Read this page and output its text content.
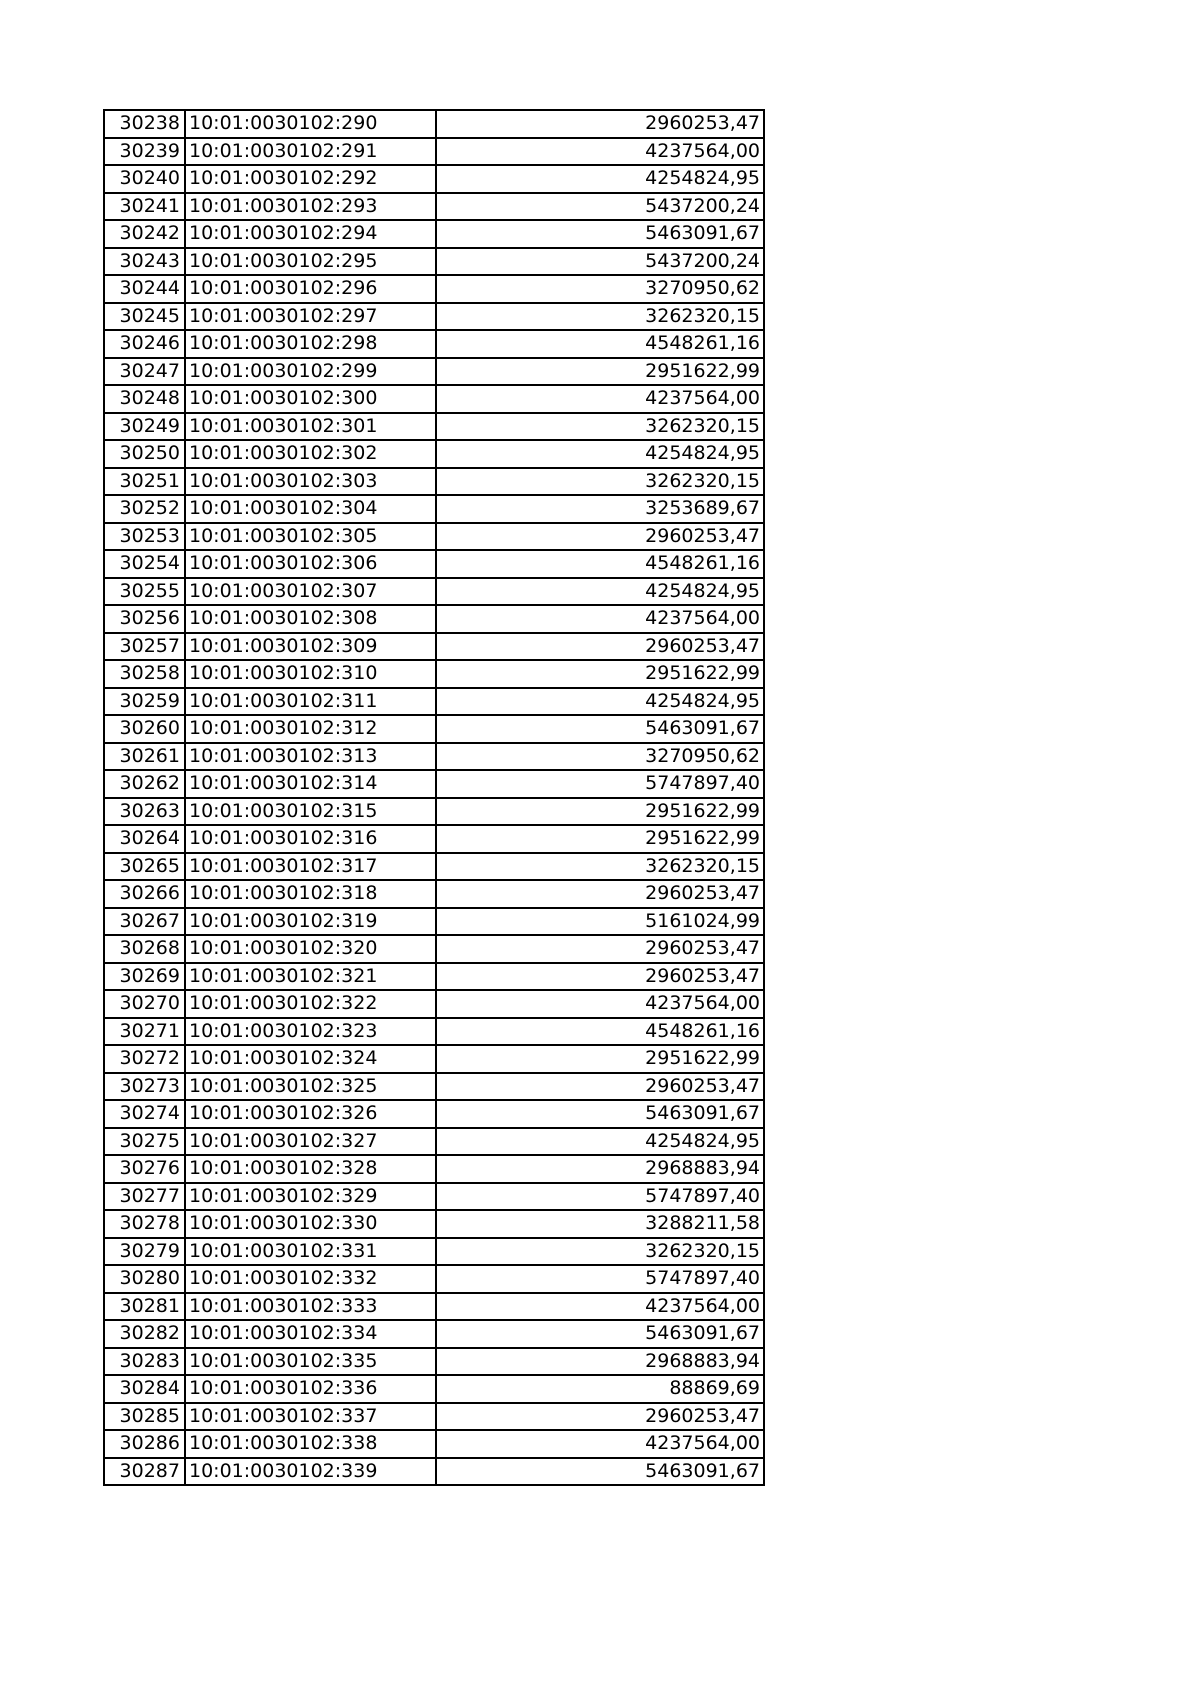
30238	10:01:0030102:290	2960253,47
30239	10:01:0030102:291	4237564,00
30240	10:01:0030102:292	4254824,95
30241	10:01:0030102:293	5437200,24
30242	10:01:0030102:294	5463091,67
30243	10:01:0030102:295	5437200,24
30244	10:01:0030102:296	3270950,62
30245	10:01:0030102:297	3262320,15
30246	10:01:0030102:298	4548261,16
30247	10:01:0030102:299	2951622,99
30248	10:01:0030102:300	4237564,00
30249	10:01:0030102:301	3262320,15
30250	10:01:0030102:302	4254824,95
30251	10:01:0030102:303	3262320,15
30252	10:01:0030102:304	3253689,67
30253	10:01:0030102:305	2960253,47
30254	10:01:0030102:306	4548261,16
30255	10:01:0030102:307	4254824,95
30256	10:01:0030102:308	4237564,00
30257	10:01:0030102:309	2960253,47
30258	10:01:0030102:310	2951622,99
30259	10:01:0030102:311	4254824,95
30260	10:01:0030102:312	5463091,67
30261	10:01:0030102:313	3270950,62
30262	10:01:0030102:314	5747897,40
30263	10:01:0030102:315	2951622,99
30264	10:01:0030102:316	2951622,99
30265	10:01:0030102:317	3262320,15
30266	10:01:0030102:318	2960253,47
30267	10:01:0030102:319	5161024,99
30268	10:01:0030102:320	2960253,47
30269	10:01:0030102:321	2960253,47
30270	10:01:0030102:322	4237564,00
30271	10:01:0030102:323	4548261,16
30272	10:01:0030102:324	2951622,99
30273	10:01:0030102:325	2960253,47
30274	10:01:0030102:326	5463091,67
30275	10:01:0030102:327	4254824,95
30276	10:01:0030102:328	2968883,94
30277	10:01:0030102:329	5747897,40
30278	10:01:0030102:330	3288211,58
30279	10:01:0030102:331	3262320,15
30280	10:01:0030102:332	5747897,40
30281	10:01:0030102:333	4237564,00
30282	10:01:0030102:334	5463091,67
30283	10:01:0030102:335	2968883,94
30284	10:01:0030102:336	88869,69
30285	10:01:0030102:337	2960253,47
30286	10:01:0030102:338	4237564,00
30287	10:01:0030102:339	5463091,67
